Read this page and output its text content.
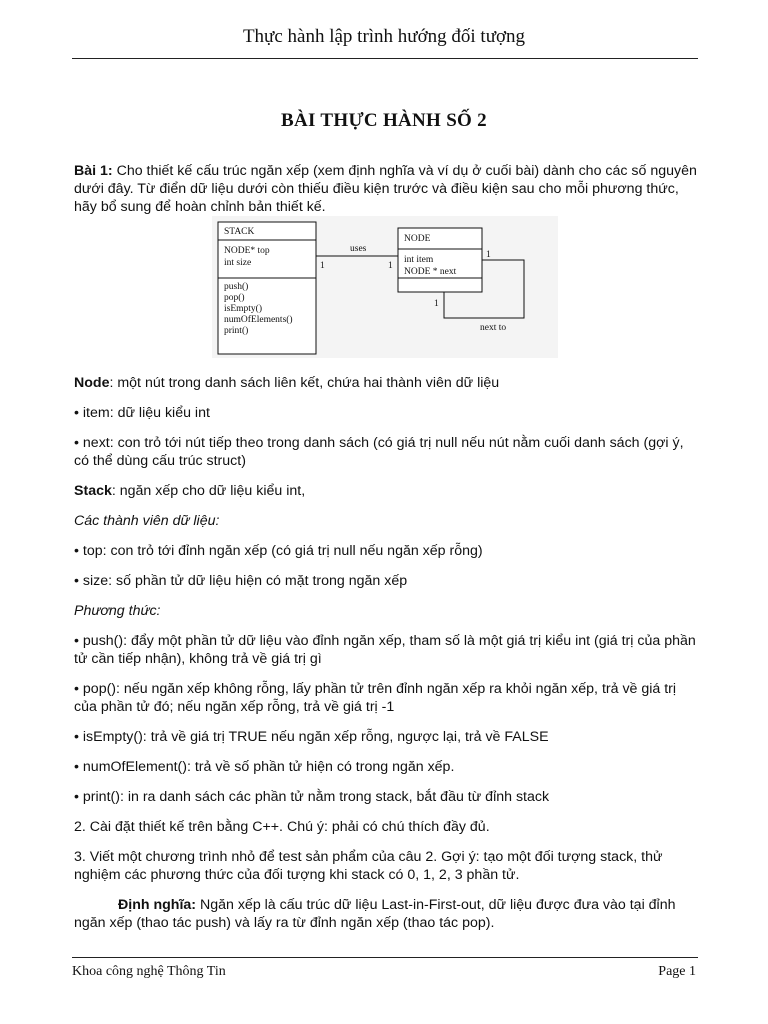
Thực hành lập trình hướng đối tượng
BÀI THỰC HÀNH SỐ 2

Bài 1: Cho thiết kế cấu trúc ngăn xếp (xem định nghĩa và ví dụ ở cuối bài) dành cho các số nguyên dưới đây. Từ điển dữ liệu dưới còn thiếu điều kiện trước và điều kiện sau cho mỗi phương thức, hãy bổ sung để hoàn chỉnh bản thiết kế.

STACK
NODE* top
int size
push()
pop()
isEmpty()
numOfElements()
print()
NODE
int item
NODE * next
uses
1	1
1
1
next to

Node: một nút trong danh sách liên kết, chứa hai thành viên dữ liệu

• item: dữ liệu kiểu int

• next: con trỏ tới nút tiếp theo trong danh sách (có giá trị null nếu nút nằm cuối danh sách (gợi ý, có thể dùng cấu trúc struct)

Stack: ngăn xếp cho dữ liệu kiểu int,

Các thành viên dữ liệu:

• top: con trỏ tới đỉnh ngăn xếp (có giá trị null nếu ngăn xếp rỗng)

• size: số phần tử dữ liệu hiện có mặt trong ngăn xếp

Phương thức:

• push(): đẩy một phần tử dữ liệu vào đỉnh ngăn xếp, tham số là một giá trị kiểu int (giá trị của phần tử cần tiếp nhận), không trả về giá trị gì

• pop(): nếu ngăn xếp không rỗng, lấy phần tử trên đỉnh ngăn xếp ra khỏi ngăn xếp, trả về giá trị của phần tử đó; nếu ngăn xếp rỗng, trả về giá trị -1

• isEmpty(): trả về giá trị TRUE nếu ngăn xếp rỗng, ngược lại, trả về FALSE

• numOfElement(): trả về số phần tử hiện có trong ngăn xếp.

• print(): in ra danh sách các phần tử nằm trong stack, bắt đầu từ đỉnh stack

2. Cài đặt thiết kế trên bằng C++. Chú ý: phải có chú thích đầy đủ.

3. Viết một chương trình nhỏ để test sản phẩm của câu 2. Gợi ý: tạo một đối tượng stack, thử nghiệm các phương thức của đối tượng khi stack có 0, 1, 2, 3 phần tử.

Định nghĩa: Ngăn xếp là cấu trúc dữ liệu Last-in-First-out, dữ liệu được đưa vào tại đỉnh ngăn xếp (thao tác push) và lấy ra từ đỉnh ngăn xếp (thao tác pop).

Khoa công nghệ Thông Tin	Page 1
